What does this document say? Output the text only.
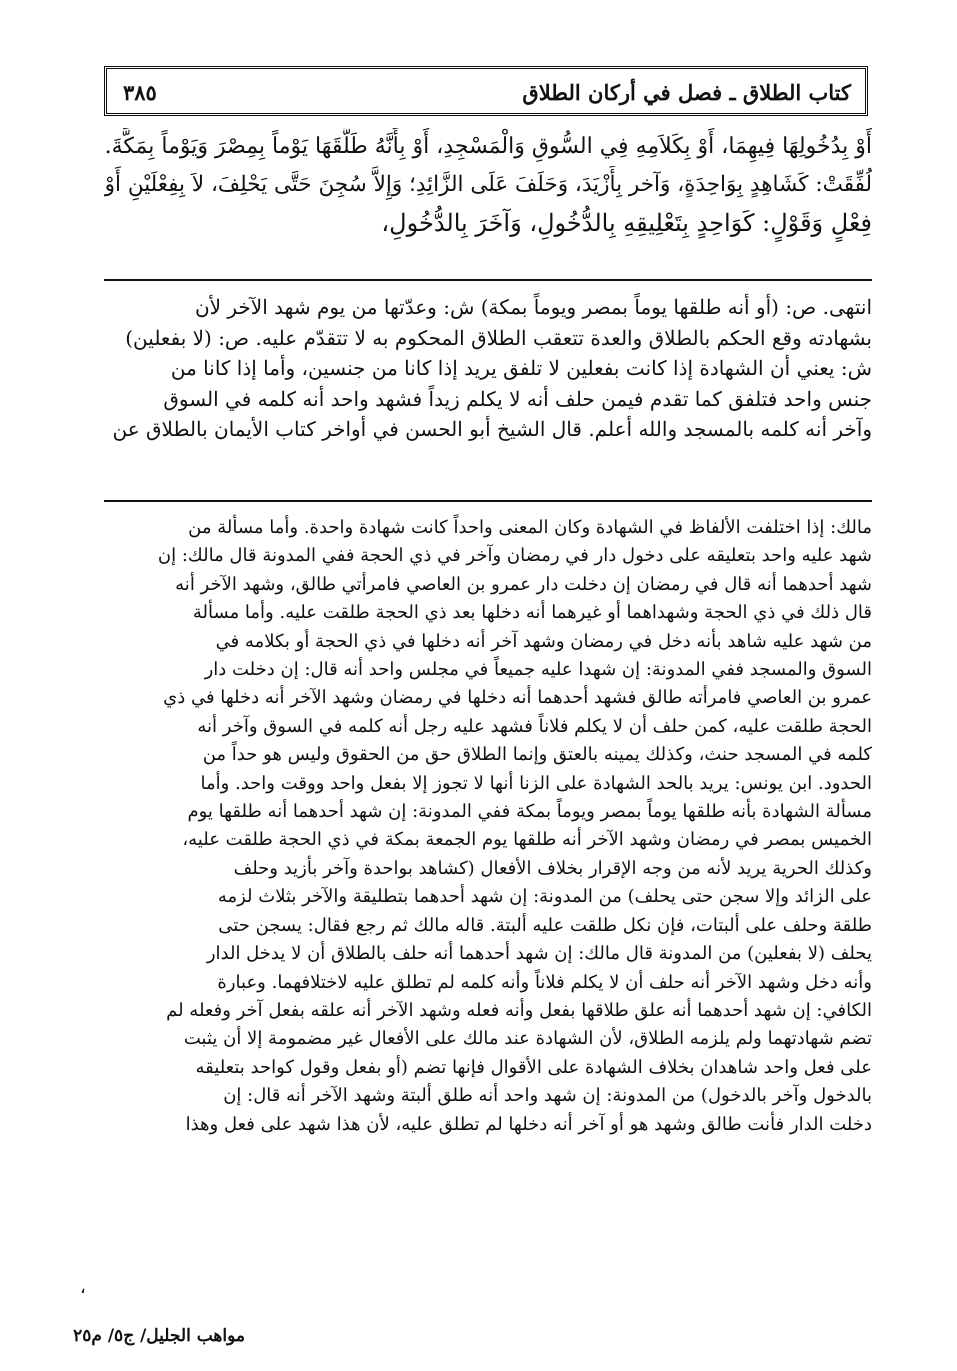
كتاب الطلاق ـ فصل في أركان الطلاق
٣٨٥
أَوْ بِدُخُولِهَا فِيهِمَا، أَوْ بِكَلاَمِهِ فِي السُّوقِ وَالْمَسْجِدِ، أَوْ بِأَنَّهُ طَلَّقَهَا يَوْماً بِمِصْرَ وَيَوْماً بِمَكَّةَ.
لُفِّقَتْ: كَشَاهِدٍ بِوَاحِدَةٍ، وَآخر بِأَزْيَدَ، وَحَلَفَ عَلَى الزَّائِدِ؛ وَإِلاَّ سُجِنَ حَتَّى يَحْلِفَ، لاَ بِفِعْلَيْنِ أَوْ
فِعْلٍ وَقَوْلٍ: كَوَاحِدٍ بِتَعْلِيقِهِ بِالدُّخُولِ، وَآخَرَ بِالدُّخُولِ،
انتهى. ص: (أو أنه طلقها يوماً بمصر ويوماً بمكة) ش: وعدّتها من يوم شهد الآخر لأن
بشهادته وقع الحكم بالطلاق والعدة تتعقب الطلاق المحكوم به لا تتقدّم عليه. ص: (لا بفعلين)
ش: يعني أن الشهادة إذا كانت بفعلين لا تلفق يريد إذا كانا من جنسين، وأما إذا كانا من
جنس واحد فتلفق كما تقدم فيمن حلف أنه لا يكلم زيداً فشهد واحد أنه كلمه في السوق
وآخر أنه كلمه بالمسجد والله أعلم. قال الشيخ أبو الحسن في أواخر كتاب الأيمان بالطلاق عن
مالك: إذا اختلفت الألفاظ في الشهادة وكان المعنى واحداً كانت شهادة واحدة. وأما مسألة من
شهد عليه واحد بتعليقه على دخول دار في رمضان وآخر في ذي الحجة ففي المدونة قال مالك: إن
شهد أحدهما أنه قال في رمضان إن دخلت دار عمرو بن العاصي فامرأتي طالق، وشهد الآخر أنه
قال ذلك في ذي الحجة وشهداهما أو غيرهما أنه دخلها بعد ذي الحجة طلقت عليه. وأما مسألة
من شهد عليه شاهد بأنه دخل في رمضان وشهد آخر أنه دخلها في ذي الحجة أو بكلامه في
السوق والمسجد ففي المدونة: إن شهدا عليه جميعاً في مجلس واحد أنه قال: إن دخلت دار
عمرو بن العاصي فامرأته طالق فشهد أحدهما أنه دخلها في رمضان وشهد الآخر أنه دخلها في ذي
الحجة طلقت عليه، كمن حلف أن لا يكلم فلاناً فشهد عليه رجل أنه كلمه في السوق وآخر أنه
كلمه في المسجد حنث، وكذلك يمينه بالعتق وإنما الطلاق حق من الحقوق وليس هو حداً من
الحدود. ابن يونس: يريد بالحد الشهادة على الزنا أنها لا تجوز إلا بفعل واحد ووقت واحد. وأما
مسألة الشهادة بأنه طلقها يوماً بمصر ويوماً بمكة ففي المدونة: إن شهد أحدهما أنه طلقها يوم
الخميس بمصر في رمضان وشهد الآخر أنه طلقها يوم الجمعة بمكة في ذي الحجة طلقت عليه،
وكذلك الحرية يريد لأنه من وجه الإقرار بخلاف الأفعال (كشاهد بواحدة وآخر بأزيد وحلف
على الزائد وإلا سجن حتى يحلف) من المدونة: إن شهد أحدهما بتطليقة والآخر بثلاث لزمه
طلقة وحلف على ألبتات، فإن نكل طلقت عليه ألبتة. قاله مالك ثم رجع فقال: يسجن حتى
يحلف (لا بفعلين) من المدونة قال مالك: إن شهد أحدهما أنه حلف بالطلاق أن لا يدخل الدار
وأنه دخل وشهد الآخر أنه حلف أن لا يكلم فلاناً وأنه كلمه لم تطلق عليه لاختلافهما. وعبارة
الكافي: إن شهد أحدهما أنه علق طلاقها بفعل وأنه فعله وشهد الآخر أنه علقه بفعل آخر وفعله لم
تضم شهادتهما ولم يلزمه الطلاق، لأن الشهادة عند مالك على الأفعال غير مضمومة إلا أن يثبت
على فعل واحد شاهدان بخلاف الشهادة على الأقوال فإنها تضم (أو بفعل وقول كواحد بتعليقه
بالدخول وآخر بالدخول) من المدونة: إن شهد واحد أنه طلق ألبتة وشهد الآخر أنه قال: إن
دخلت الدار فأنت طالق وشهد هو أو آخر أنه دخلها لم تطلق عليه، لأن هذا شهد على فعل وهذا
،
مواهب الجليل/ ج٥/ م٢٥
